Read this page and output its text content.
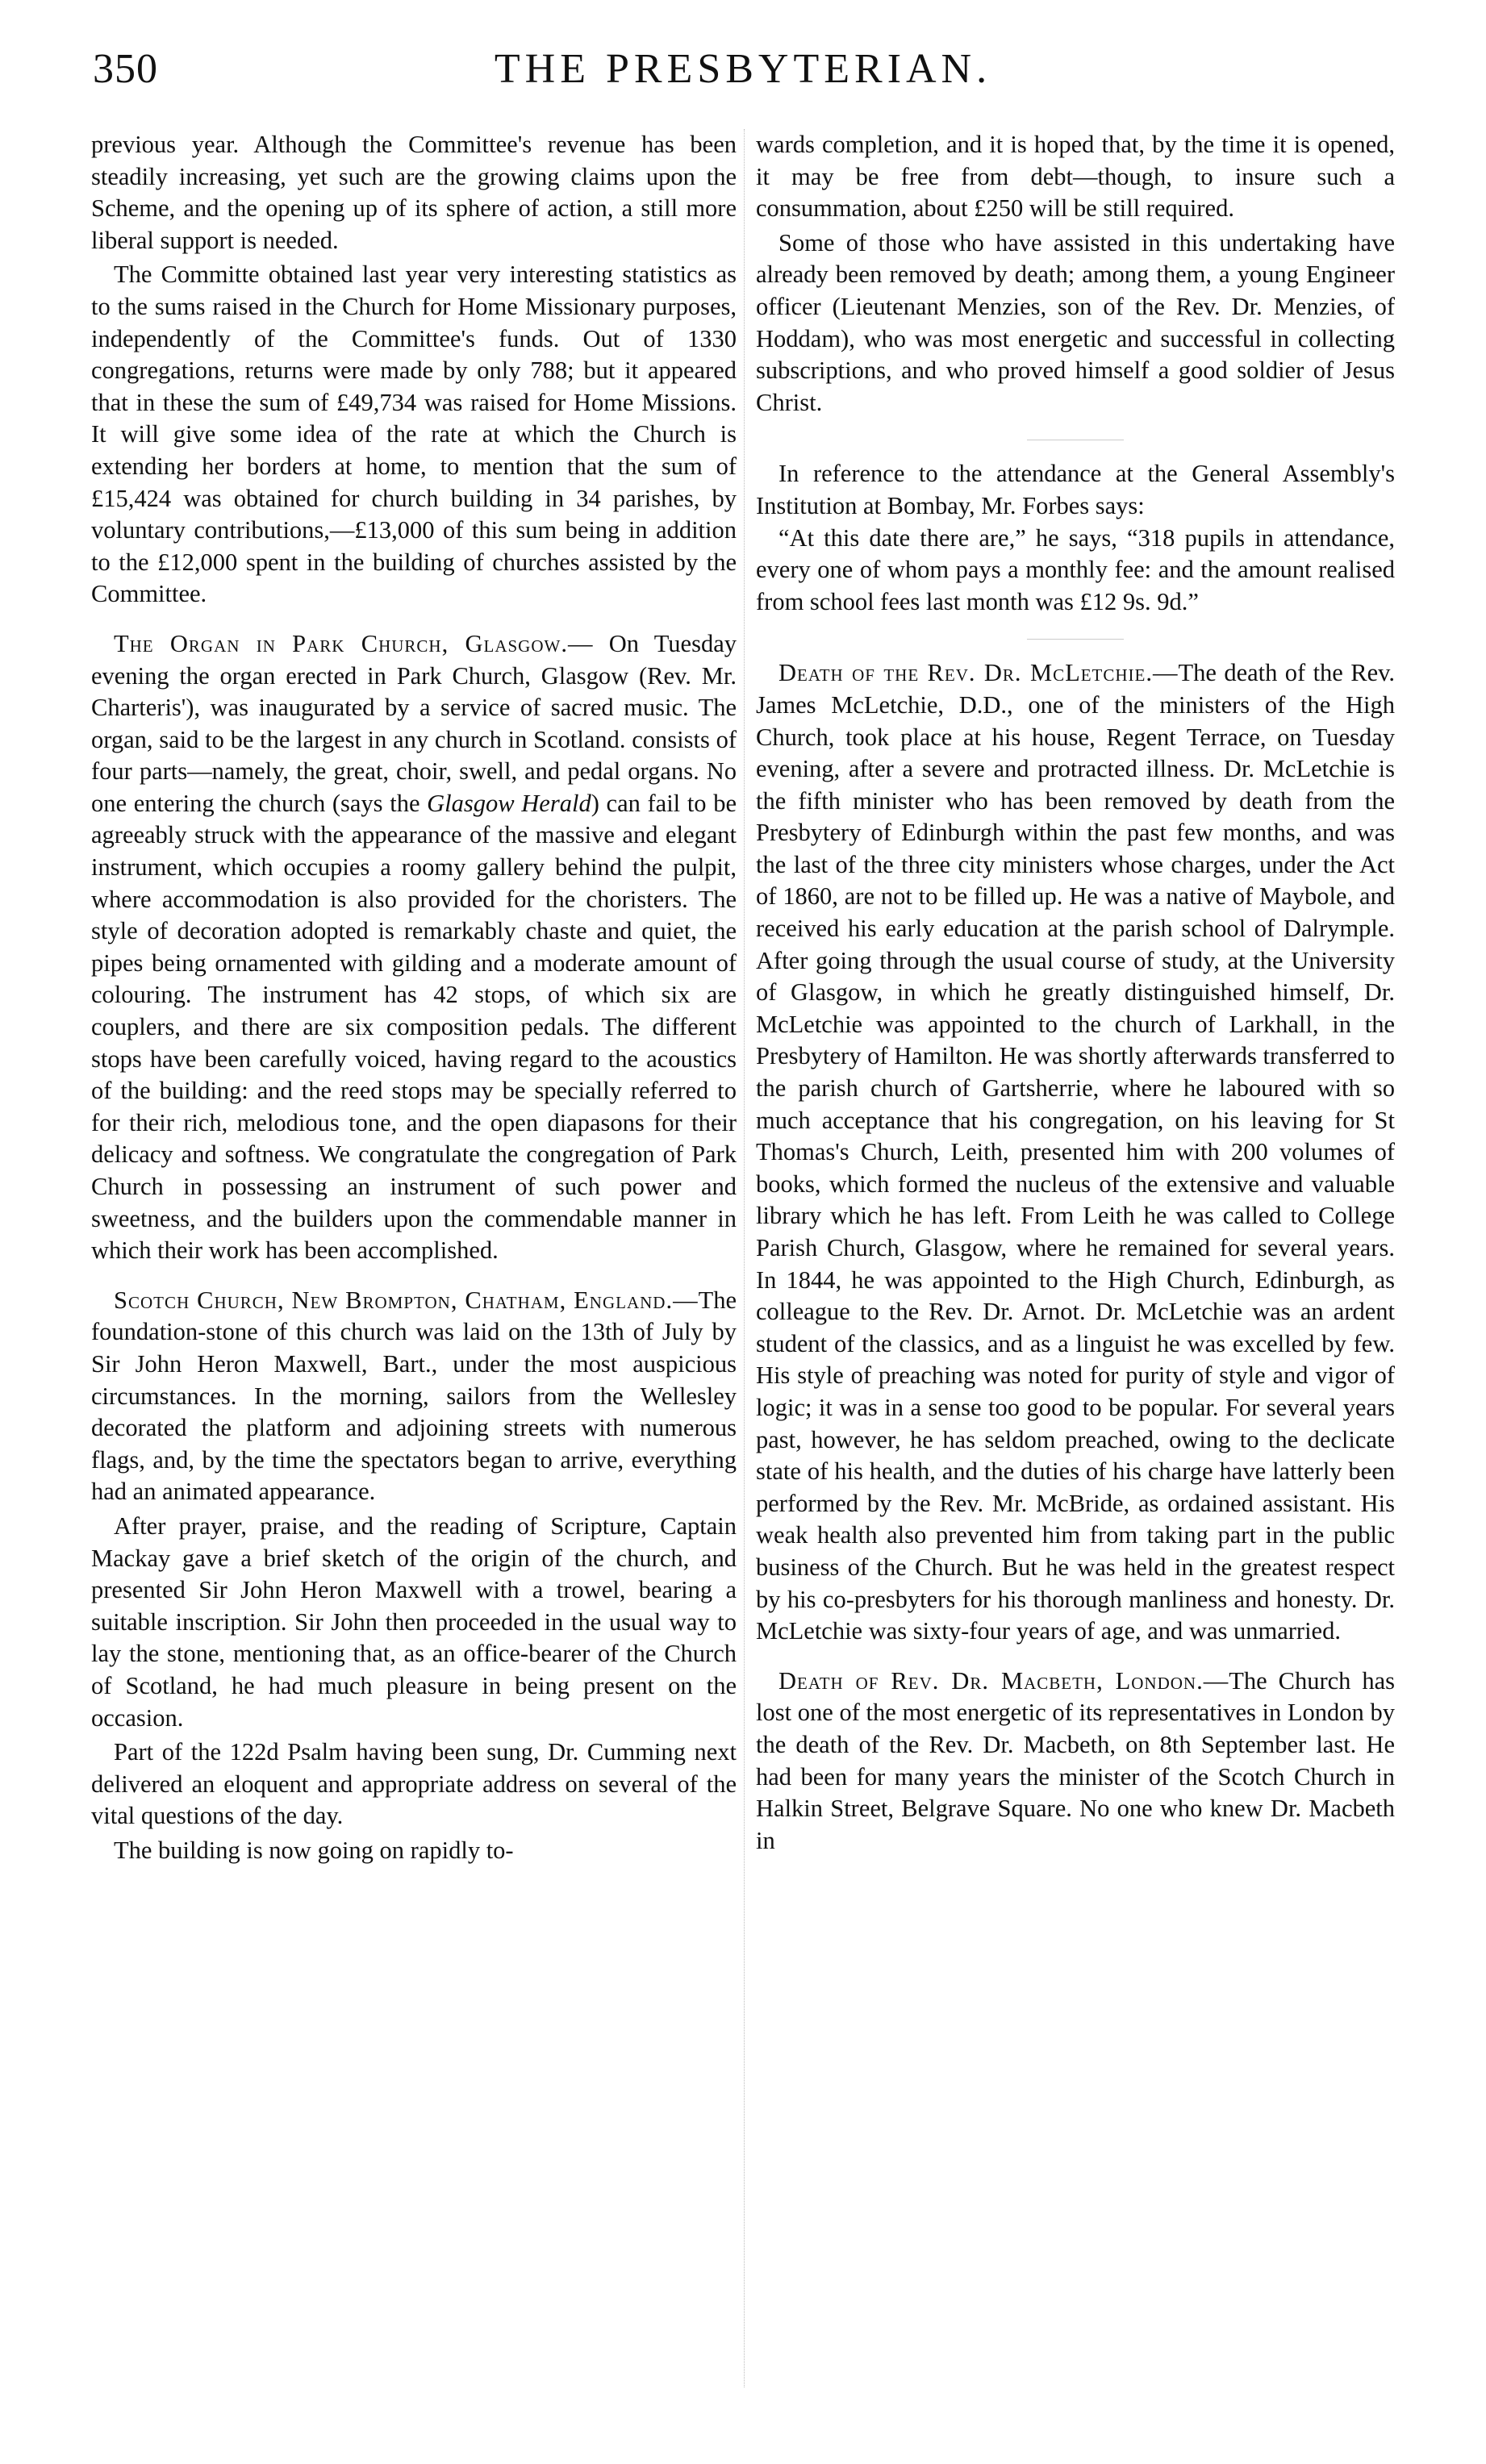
350	THE PRESBYTERIAN.

previous year. Although the Committee's revenue has been steadily increasing, yet such are the growing claims upon the Scheme, and the opening up of its sphere of action, a still more liberal support is needed.

The Committe obtained last year very interesting statistics as to the sums raised in the Church for Home Missionary purposes, independently of the Committee's funds. Out of 1330 congregations, returns were made by only 788; but it appeared that in these the sum of £49,734 was raised for Home Missions. It will give some idea of the rate at which the Church is extending her borders at home, to mention that the sum of £15,424 was obtained for church building in 34 parishes, by voluntary contributions,—£13,000 of this sum being in addition to the £12,000 spent in the building of churches assisted by the Committee.

The Organ in Park Church, Glasgow.— On Tuesday evening the organ erected in Park Church, Glasgow (Rev. Mr. Charteris'), was inaugurated by a service of sacred music. The organ, said to be the largest in any church in Scotland. consists of four parts—namely, the great, choir, swell, and pedal organs. No one entering the church (says the Glasgow Herald) can fail to be agreeably struck with the appearance of the massive and elegant instrument, which occupies a roomy gallery behind the pulpit, where accommodation is also provided for the choristers. The style of decoration adopted is remarkably chaste and quiet, the pipes being ornamented with gilding and a moderate amount of colouring. The instrument has 42 stops, of which six are couplers, and there are six composition pedals. The different stops have been carefully voiced, having regard to the acoustics of the building: and the reed stops may be specially referred to for their rich, melodious tone, and the open diapasons for their delicacy and softness. We congratulate the congregation of Park Church in possessing an instrument of such power and sweetness, and the builders upon the commendable manner in which their work has been accomplished.

Scotch Church, New Brompton, Chatham, England.—The foundation-stone of this church was laid on the 13th of July by Sir John Heron Maxwell, Bart., under the most auspicious circumstances. In the morning, sailors from the Wellesley decorated the platform and adjoining streets with numerous flags, and, by the time the spectators began to arrive, everything had an animated appearance.

After prayer, praise, and the reading of Scripture, Captain Mackay gave a brief sketch of the origin of the church, and presented Sir John Heron Maxwell with a trowel, bearing a suitable inscription. Sir John then proceeded in the usual way to lay the stone, mentioning that, as an office-bearer of the Church of Scotland, he had much pleasure in being present on the occasion.

Part of the 122d Psalm having been sung, Dr. Cumming next delivered an eloquent and appropriate address on several of the vital questions of the day.

The building is now going on rapidly to-

wards completion, and it is hoped that, by the time it is opened, it may be free from debt—though, to insure such a consummation, about £250 will be still required.

Some of those who have assisted in this undertaking have already been removed by death; among them, a young Engineer officer (Lieutenant Menzies, son of the Rev. Dr. Menzies, of Hoddam), who was most energetic and successful in collecting subscriptions, and who proved himself a good soldier of Jesus Christ.

In reference to the attendance at the General Assembly's Institution at Bombay, Mr. Forbes says:

“At this date there are,” he says, “318 pupils in attendance, every one of whom pays a monthly fee: and the amount realised from school fees last month was £12 9s. 9d.”

Death of the Rev. Dr. McLetchie.—The death of the Rev. James McLetchie, D.D., one of the ministers of the High Church, took place at his house, Regent Terrace, on Tuesday evening, after a severe and protracted illness. Dr. McLetchie is the fifth minister who has been removed by death from the Presbytery of Edinburgh within the past few months, and was the last of the three city ministers whose charges, under the Act of 1860, are not to be filled up. He was a native of Maybole, and received his early education at the parish school of Dalrymple. After going through the usual course of study, at the University of Glasgow, in which he greatly distinguished himself, Dr. McLetchie was appointed to the church of Larkhall, in the Presbytery of Hamilton. He was shortly afterwards transferred to the parish church of Gartsherrie, where he laboured with so much acceptance that his congregation, on his leaving for St Thomas's Church, Leith, presented him with 200 volumes of books, which formed the nucleus of the extensive and valuable library which he has left. From Leith he was called to College Parish Church, Glasgow, where he remained for several years. In 1844, he was appointed to the High Church, Edinburgh, as colleague to the Rev. Dr. Arnot. Dr. McLetchie was an ardent student of the classics, and as a linguist he was excelled by few. His style of preaching was noted for purity of style and vigor of logic; it was in a sense too good to be popular. For several years past, however, he has seldom preached, owing to the declicate state of his health, and the duties of his charge have latterly been performed by the Rev. Mr. McBride, as ordained assistant. His weak health also prevented him from taking part in the public business of the Church. But he was held in the greatest respect by his co-presbyters for his thorough manliness and honesty. Dr. McLetchie was sixty-four years of age, and was unmarried.

Death of Rev. Dr. Macbeth, London.—The Church has lost one of the most energetic of its representatives in London by the death of the Rev. Dr. Macbeth, on 8th September last. He had been for many years the minister of the Scotch Church in Halkin Street, Belgrave Square. No one who knew Dr. Macbeth in
